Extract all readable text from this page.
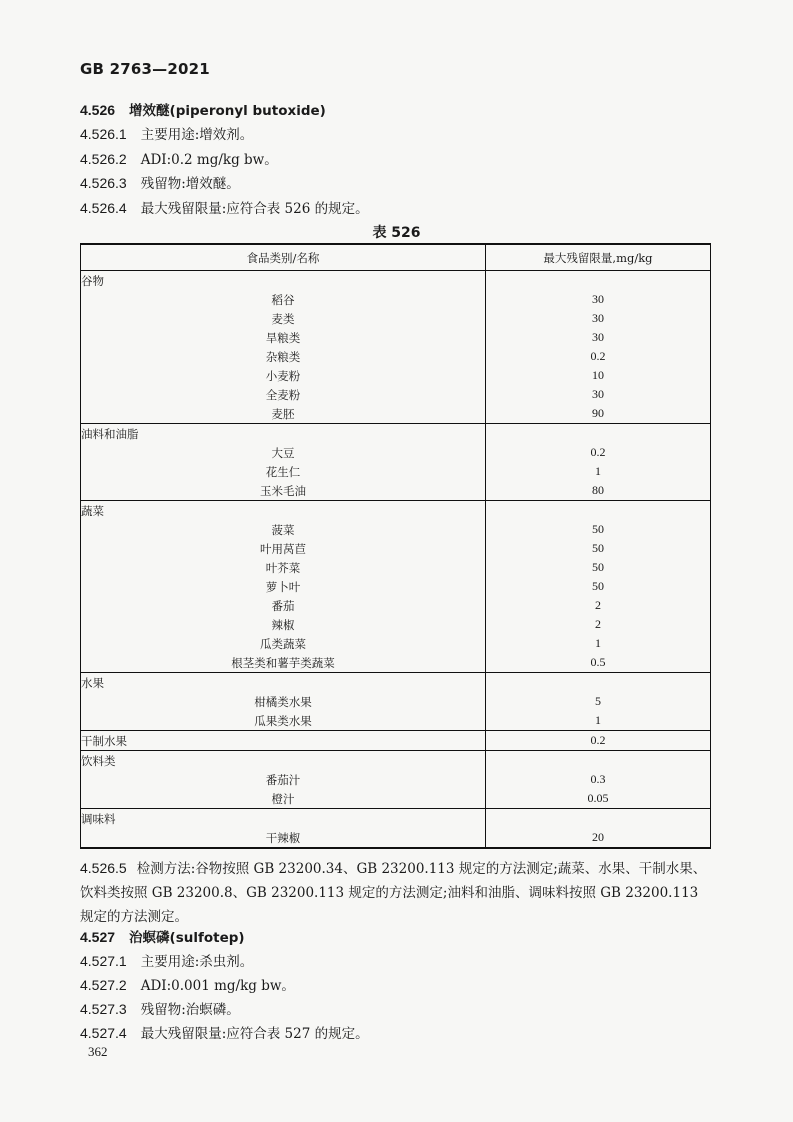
GB 2763—2021
4.526 增效醚(piperonyl butoxide)
4.526.1 主要用途:增效剂。
4.526.2 ADI:0.2 mg/kg bw。
4.526.3 残留物:增效醚。
4.526.4 最大残留限量:应符合表 526 的规定。
表 526
食品类别/名称	最大残留限量,mg/kg
谷物	
稻谷	30
麦类	30
旱粮类	30
杂粮类	0.2
小麦粉	10
全麦粉	30
麦胚	90
油料和油脂	
大豆	0.2
花生仁	1
玉米毛油	80
蔬菜	
菠菜	50
叶用莴苣	50
叶芥菜	50
萝卜叶	50
番茄	2
辣椒	2
瓜类蔬菜	1
根茎类和薯芋类蔬菜	0.5
水果	
柑橘类水果	5
瓜果类水果	1
干制水果	0.2
饮料类	
番茄汁	0.3
橙汁	0.05
调味料	
干辣椒	20
4.526.5 检测方法:谷物按照 GB 23200.34、GB 23200.113 规定的方法测定;蔬菜、水果、干制水果、饮料类按照 GB 23200.8、GB 23200.113 规定的方法测定;油料和油脂、调味料按照 GB 23200.113 规定的方法测定。
4.527 治螟磷(sulfotep)
4.527.1 主要用途:杀虫剂。
4.527.2 ADI:0.001 mg/kg bw。
4.527.3 残留物:治螟磷。
4.527.4 最大残留限量:应符合表 527 的规定。
362
